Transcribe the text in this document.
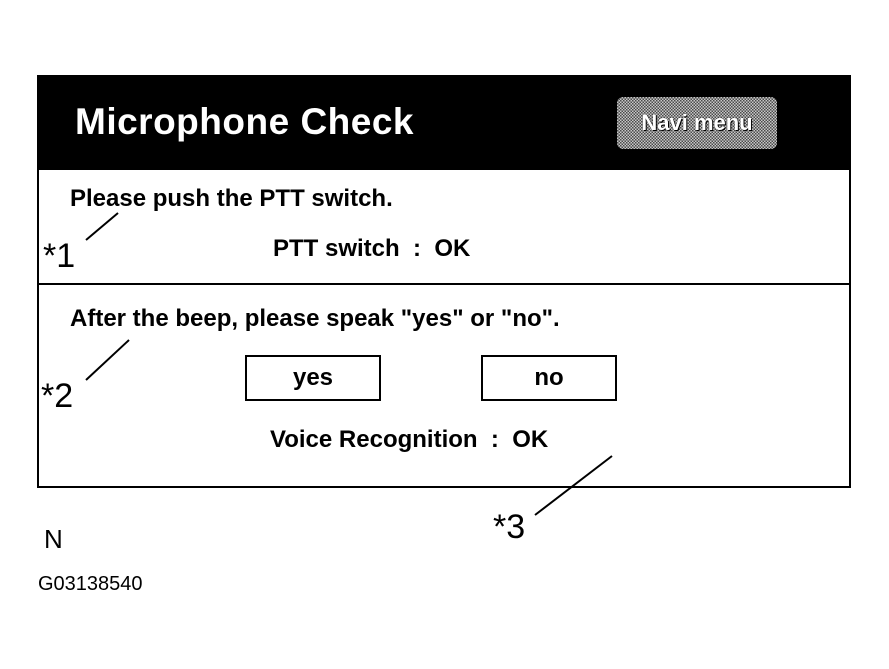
Microphone Check	Navi menu
Please push the PTT switch.
PTT switch  :  OK
After the beep, please speak "yes" or "no".
yes	no
Voice Recognition  :  OK
*1
*2
*3
N
G03138540
